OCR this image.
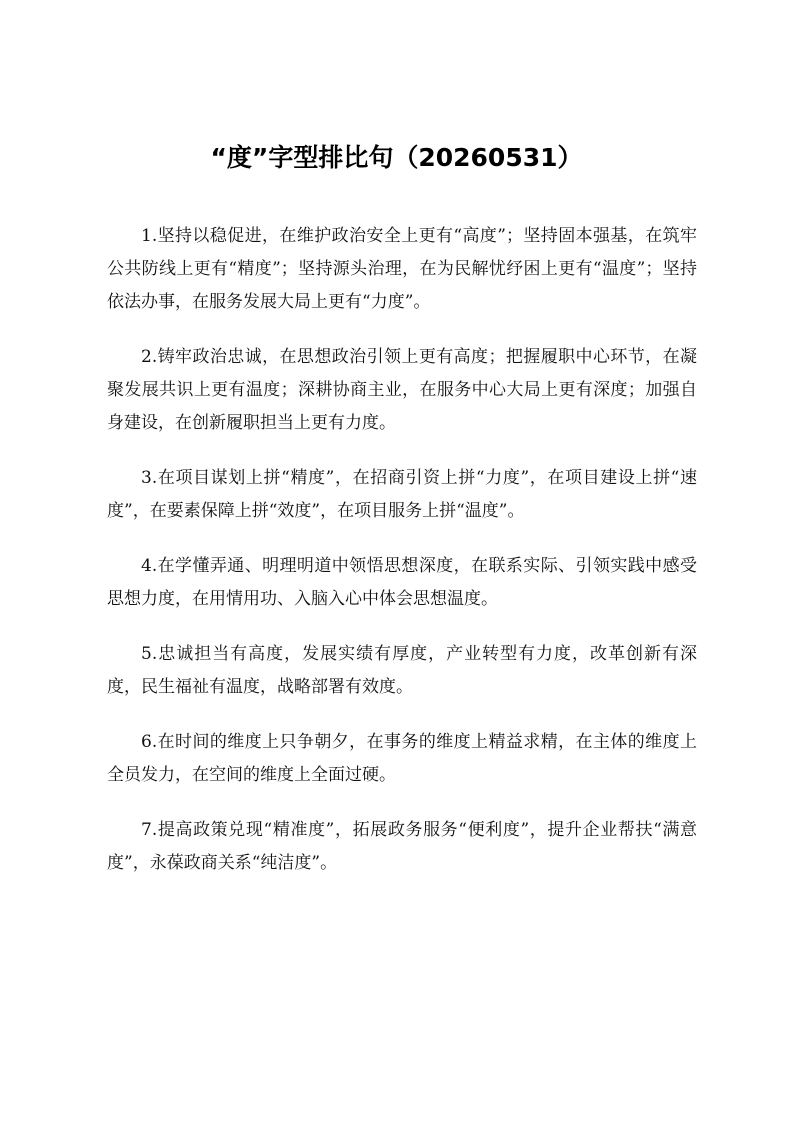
“度”字型排比句（20260531）

1.坚持以稳促进，在维护政治安全上更有“高度”；坚持固本强基，在筑牢公共防线上更有“精度”；坚持源头治理，在为民解忧纾困上更有“温度”；坚持依法办事，在服务发展大局上更有“力度”。

2.铸牢政治忠诚，在思想政治引领上更有高度；把握履职中心环节，在凝聚发展共识上更有温度；深耕协商主业，在服务中心大局上更有深度；加强自身建设，在创新履职担当上更有力度。

3.在项目谋划上拼“精度”，在招商引资上拼“力度”，在项目建设上拼“速度”，在要素保障上拼“效度”，在项目服务上拼“温度”。

4.在学懂弄通、明理明道中领悟思想深度，在联系实际、引领实践中感受思想力度，在用情用功、入脑入心中体会思想温度。

5.忠诚担当有高度，发展实绩有厚度，产业转型有力度，改革创新有深度，民生福祉有温度，战略部署有效度。

6.在时间的维度上只争朝夕，在事务的维度上精益求精，在主体的维度上全员发力，在空间的维度上全面过硬。

7.提高政策兑现“精准度”，拓展政务服务“便利度”，提升企业帮扶“满意度”，永葆政商关系“纯洁度”。
